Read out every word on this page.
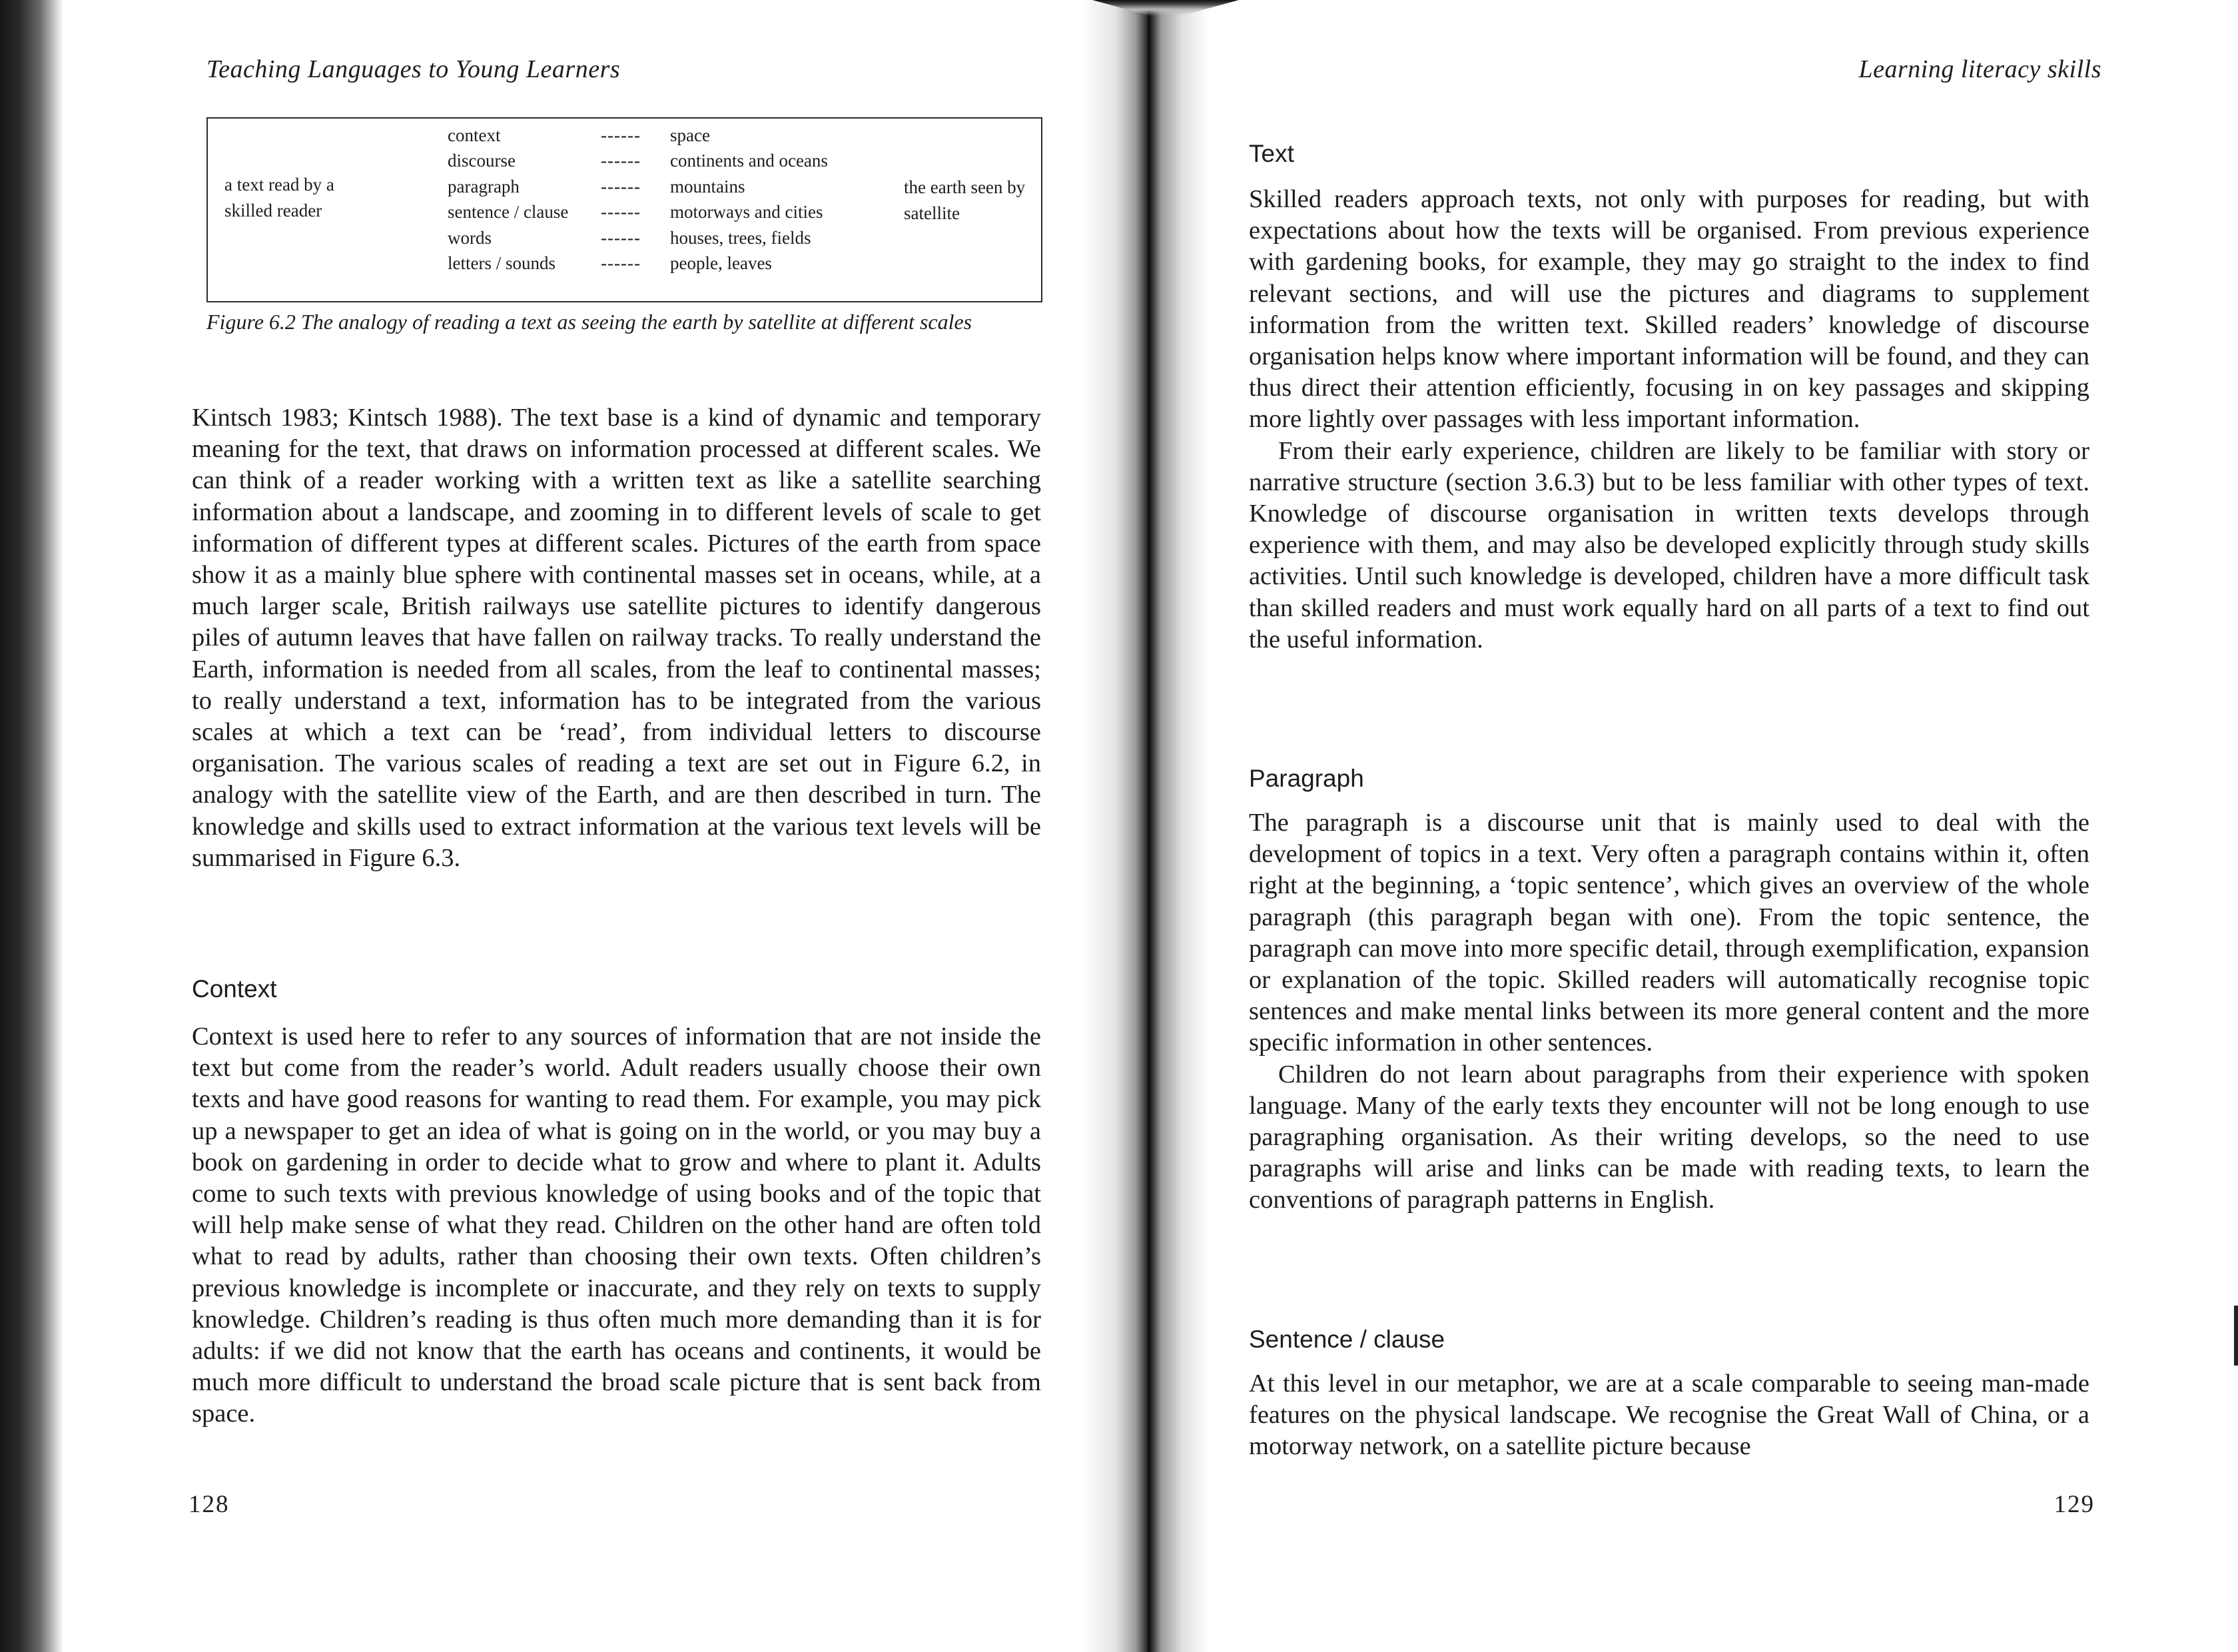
Teaching Languages to Young Learners
a text read by a skilled reader
context	------	space
discourse	------	continents and oceans
paragraph	------	mountains
sentence / clause	------	motorways and cities
words	------	houses, trees, fields
letters / sounds	------	people, leaves
the earth seen by satellite
Figure 6.2 The analogy of reading a text as seeing the earth by satellite at different scales

Kintsch 1983; Kintsch 1988). The text base is a kind of dynamic and temporary meaning for the text, that draws on information processed at different scales. We can think of a reader working with a written text as like a satellite searching information about a landscape, and zooming in to different levels of scale to get information of different types at different scales. Pictures of the earth from space show it as a mainly blue sphere with continental masses set in oceans, while, at a much larger scale, British railways use satellite pictures to identify dangerous piles of autumn leaves that have fallen on railway tracks. To really understand the Earth, information is needed from all scales, from the leaf to continental masses; to really understand a text, information has to be integrated from the various scales at which a text can be ‘read’, from individual letters to discourse organisation. The various scales of reading a text are set out in Figure 6.2, in analogy with the satellite view of the Earth, and are then described in turn. The knowledge and skills used to extract information at the various text levels will be summarised in Figure 6.3.

Context

Context is used here to refer to any sources of information that are not inside the text but come from the reader’s world. Adult readers usually choose their own texts and have good reasons for wanting to read them. For example, you may pick up a newspaper to get an idea of what is going on in the world, or you may buy a book on gardening in order to decide what to grow and where to plant it. Adults come to such texts with previous knowledge of using books and of the topic that will help make sense of what they read. Children on the other hand are often told what to read by adults, rather than choosing their own texts. Often children’s previous knowledge is incomplete or inaccurate, and they rely on texts to supply knowledge. Children’s reading is thus often much more demanding than it is for adults: if we did not know that the earth has oceans and continents, it would be much more difficult to understand the broad scale picture that is sent back from space.

128
Learning literacy skills
Text

Skilled readers approach texts, not only with purposes for reading, but with expectations about how the texts will be organised. From previous experience with gardening books, for example, they may go straight to the index to find relevant sections, and will use the pictures and diagrams to supplement information from the written text. Skilled readers’ knowledge of discourse organisation helps know where important information will be found, and they can thus direct their attention efficiently, focusing in on key passages and skipping more lightly over passages with less important information.

From their early experience, children are likely to be familiar with story or narrative structure (section 3.6.3) but to be less familiar with other types of text. Knowledge of discourse organisation in written texts develops through experience with them, and may also be developed explicitly through study skills activities. Until such knowledge is developed, children have a more difficult task than skilled readers and must work equally hard on all parts of a text to find out the useful information.

Paragraph

The paragraph is a discourse unit that is mainly used to deal with the development of topics in a text. Very often a paragraph contains within it, often right at the beginning, a ‘topic sentence’, which gives an overview of the whole paragraph (this paragraph began with one). From the topic sentence, the paragraph can move into more specific detail, through exemplification, expansion or explanation of the topic. Skilled readers will automatically recognise topic sentences and make mental links between its more general content and the more specific information in other sentences.

Children do not learn about paragraphs from their experience with spoken language. Many of the early texts they encounter will not be long enough to use paragraphing organisation. As their writing develops, so the need to use paragraphs will arise and links can be made with reading texts, to learn the conventions of paragraph patterns in English.

Sentence / clause

At this level in our metaphor, we are at a scale comparable to seeing man-made features on the physical landscape. We recognise the Great Wall of China, or a motorway network, on a satellite picture because

129
